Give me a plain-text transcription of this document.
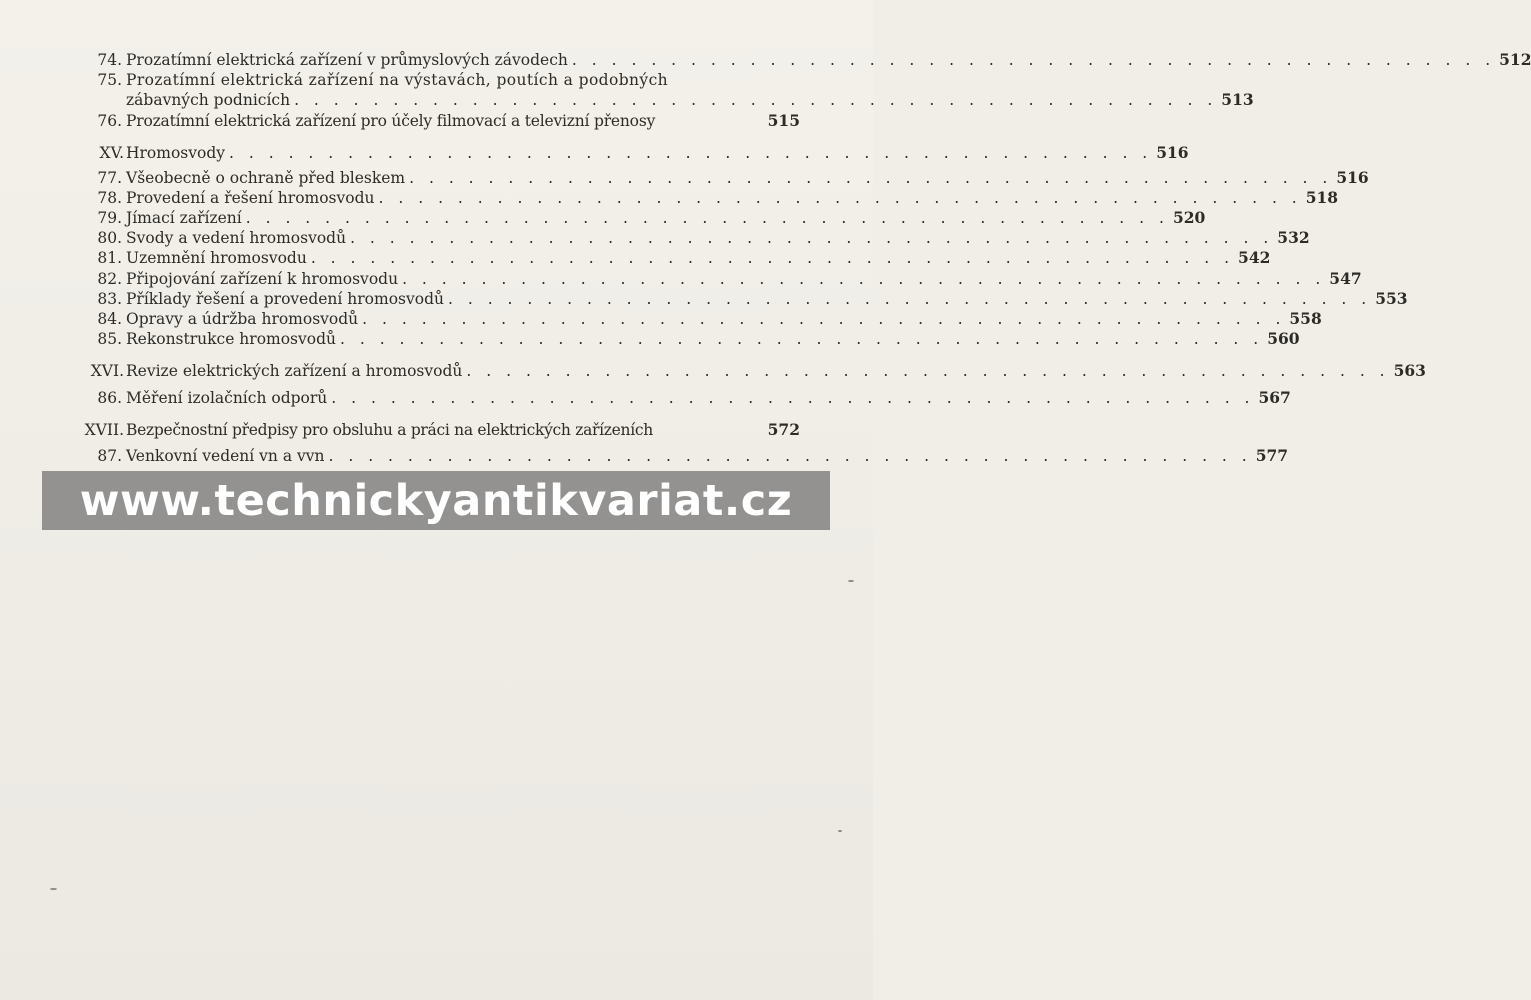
74. Prozatímní elektrická zařízení v průmyslových závodech . . . . . . . . . . . . . . . . . . . . . . . . . . . . . . . . . . . . . . . . . . . . . . . 512
75. Prozatímní elektrická zařízení na výstavách, poutích a podobných
zábavných podnicích . . . . . . . . . . . . . . . . . . . . . . . . . . . . . . . . . . . . . . . . . . . . . . . 513
76. Prozatímní elektrická zařízení pro účely filmovací a televizní přenosy	515
XV. Hromosvody . . . . . . . . . . . . . . . . . . . . . . . . . . . . . . . . . . . . . . . . . . . . . . . 516
77. Všeobecně o ochraně před bleskem . . . . . . . . . . . . . . . . . . . . . . . . . . . . . . . . . . . . . . . . . . . . . . . 516
78. Provedení a řešení hromosvodu . . . . . . . . . . . . . . . . . . . . . . . . . . . . . . . . . . . . . . . . . . . . . . . 518
79. Jímací zařízení . . . . . . . . . . . . . . . . . . . . . . . . . . . . . . . . . . . . . . . . . . . . . . . 520
80. Svody a vedení hromosvodů . . . . . . . . . . . . . . . . . . . . . . . . . . . . . . . . . . . . . . . . . . . . . . . 532
81. Uzemnění hromosvodu . . . . . . . . . . . . . . . . . . . . . . . . . . . . . . . . . . . . . . . . . . . . . . . 542
82. Připojování zařízení k hromosvodu . . . . . . . . . . . . . . . . . . . . . . . . . . . . . . . . . . . . . . . . . . . . . . . 547
83. Příklady řešení a provedení hromosvodů . . . . . . . . . . . . . . . . . . . . . . . . . . . . . . . . . . . . . . . . . . . . . . . 553
84. Opravy a údržba hromosvodů . . . . . . . . . . . . . . . . . . . . . . . . . . . . . . . . . . . . . . . . . . . . . . . 558
85. Rekonstrukce hromosvodů . . . . . . . . . . . . . . . . . . . . . . . . . . . . . . . . . . . . . . . . . . . . . . . 560
XVI. Revize elektrických zařízení a hromosvodů . . . . . . . . . . . . . . . . . . . . . . . . . . . . . . . . . . . . . . . . . . . . . . . 563
86. Měření izolačních odporů . . . . . . . . . . . . . . . . . . . . . . . . . . . . . . . . . . . . . . . . . . . . . . . 567
XVII. Bezpečnostní předpisy pro obsluhu a práci na elektrických zařízeních	572
87. Venkovní vedení vn a vvn . . . . . . . . . . . . . . . . . . . . . . . . . . . . . . . . . . . . . . . . . . . . . . . 577
www.technickyantikvariat.cz
